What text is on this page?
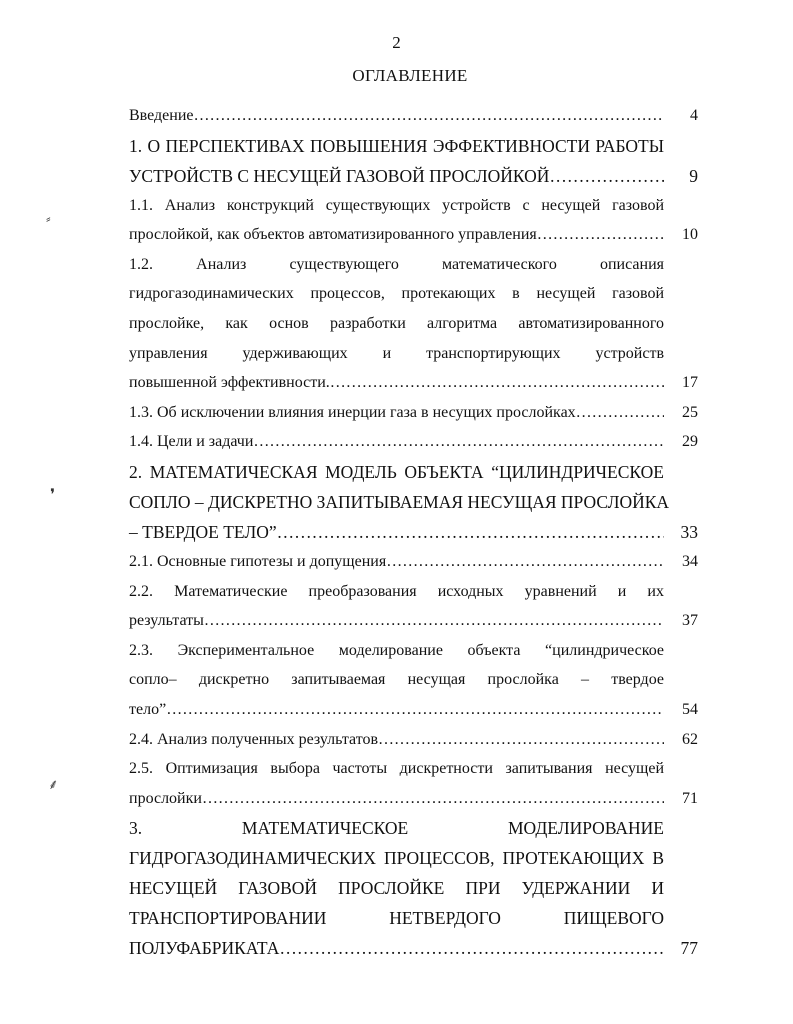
2
ОГЛАВЛЕНИЕ
⸗
❜
⸙
Введение …………………………………………………………………………………………………………………………………………	4
1. О ПЕРСПЕКТИВАХ ПОВЫШЕНИЯ ЭФФЕКТИВНОСТИ РАБОТЫ
УСТРОЙСТВ С НЕСУЩЕЙ ГАЗОВОЙ ПРОСЛОЙКОЙ …………………………………………………………………………………………………………………………………………	9
1.1. Анализ конструкций существующих устройств с несущей газовой
прослойкой, как объектов автоматизированного управления …………………………………………………………………………………………………………………………………………	10
1.2. Анализ существующего математического описания
гидрогазодинамических процессов, протекающих в несущей газовой
прослойке, как основ разработки алгоритма автоматизированного
управления удерживающих и транспортирующих устройств
повышенной эффективности. …………………………………………………………………………………………………………………………………………	17
1.3. Об исключении влияния инерции газа в несущих прослойках …………………………………………………………………………………………………………………………………………	25
1.4. Цели и задачи …………………………………………………………………………………………………………………………………………	29
2. МАТЕМАТИЧЕСКАЯ МОДЕЛЬ ОБЪЕКТА “ЦИЛИНДРИЧЕСКОЕ
СОПЛО – ДИСКРЕТНО ЗАПИТЫВАЕМАЯ НЕСУЩАЯ ПРОСЛОЙКА
– ТВЕРДОЕ ТЕЛО” …………………………………………………………………………………………………………………………………………	33
2.1. Основные гипотезы и допущения …………………………………………………………………………………………………………………………………………	34
2.2. Математические преобразования исходных уравнений и их
результаты …………………………………………………………………………………………………………………………………………	37
2.3. Экспериментальное моделирование объекта “цилиндрическое
сопло– дискретно запитываемая несущая прослойка – твердое
тело” …………………………………………………………………………………………………………………………………………	54
2.4. Анализ полученных результатов …………………………………………………………………………………………………………………………………………	62
2.5. Оптимизация выбора частоты дискретности запитывания несущей
прослойки …………………………………………………………………………………………………………………………………………	71
3. МАТЕМАТИЧЕСКОЕ МОДЕЛИРОВАНИЕ
ГИДРОГАЗОДИНАМИЧЕСКИХ ПРОЦЕССОВ, ПРОТЕКАЮЩИХ В
НЕСУЩЕЙ ГАЗОВОЙ ПРОСЛОЙКЕ ПРИ УДЕРЖАНИИ И
ТРАНСПОРТИРОВАНИИ НЕТВЕРДОГО ПИЩЕВОГО
ПОЛУФАБРИКАТА …………………………………………………………………………………………………………………………………………	77
